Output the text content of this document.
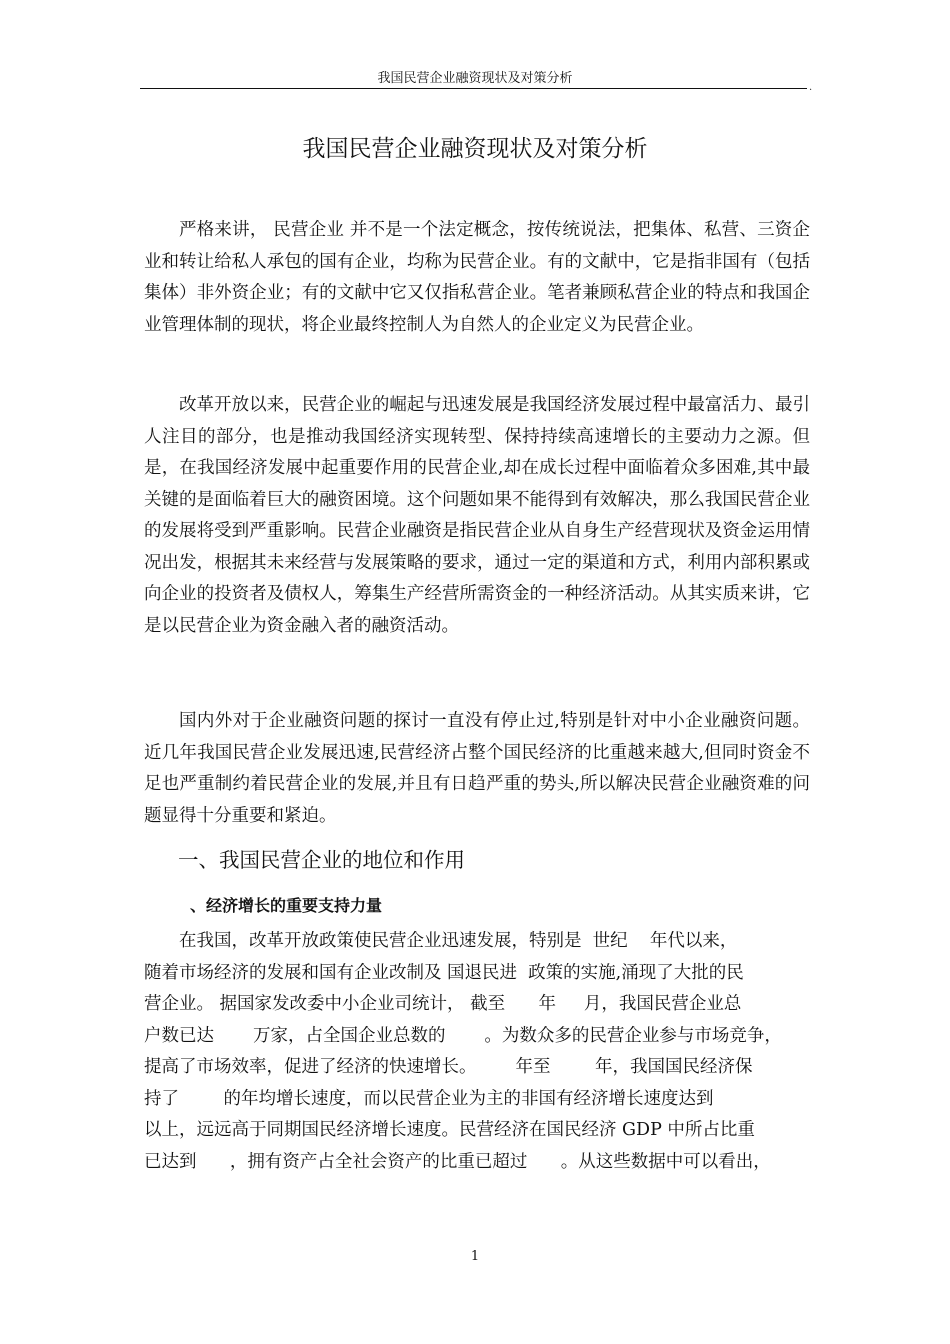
我国民营企业融资现状及对策分析
.
我国民营企业融资现状及对策分析

严格来讲， 民营企业 并不是一个法定概念，按传统说法，把集体、私营、三资企业和转让给私人承包的国有企业，均称为民营企业。有的文献中，它是指非国有（包括集体）非外资企业；有的文献中它又仅指私营企业。笔者兼顾私营企业的特点和我国企业管理体制的现状，将企业最终控制人为自然人的企业定义为民营企业。

改革开放以来，民营企业的崛起与迅速发展是我国经济发展过程中最富活力、最引人注目的部分，也是推动我国经济实现转型、保持持续高速增长的主要动力之源。但是，在我国经济发展中起重要作用的民营企业,却在成长过程中面临着众多困难,其中最关键的是面临着巨大的融资困境。这个问题如果不能得到有效解决，那么我国民营企业的发展将受到严重影响。民营企业融资是指民营企业从自身生产经营现状及资金运用情况出发，根据其未来经营与发展策略的要求，通过一定的渠道和方式，利用内部积累或向企业的投资者及债权人，筹集生产经营所需资金的一种经济活动。从其实质来讲，它是以民营企业为资金融入者的融资活动。

国内外对于企业融资问题的探讨一直没有停止过,特别是针对中小企业融资问题。近几年我国民营企业发展迅速,民营经济占整个国民经济的比重越来越大,但同时资金不足也严重制约着民营企业的发展,并且有日趋严重的势头,所以解决民营企业融资难的问题显得十分重要和紧迫。

一、我国民营企业的地位和作用
、经济增长的重要支持力量
在我国，改革开放政策使民营企业迅速发展，特别是  世纪    年代以来，
随着市场经济的发展和国有企业改制及 国退民进  政策的实施,涌现了大批的民
营企业。 据国家发改委中小企业司统计， 截至      年     月，我国民营企业总
户数已达       万家，占全国企业总数的       。为数众多的民营企业参与市场竞争，
提高了市场效率，促进了经济的快速增长。       年至        年，我国国民经济保
持了        的年均增长速度，而以民营企业为主的非国有经济增长速度达到
以上，远远高于同期国民经济增长速度。民营经济在国民经济 GDP 中所占比重
已达到      ，拥有资产占全社会资产的比重已超过      。从这些数据中可以看出，
1
